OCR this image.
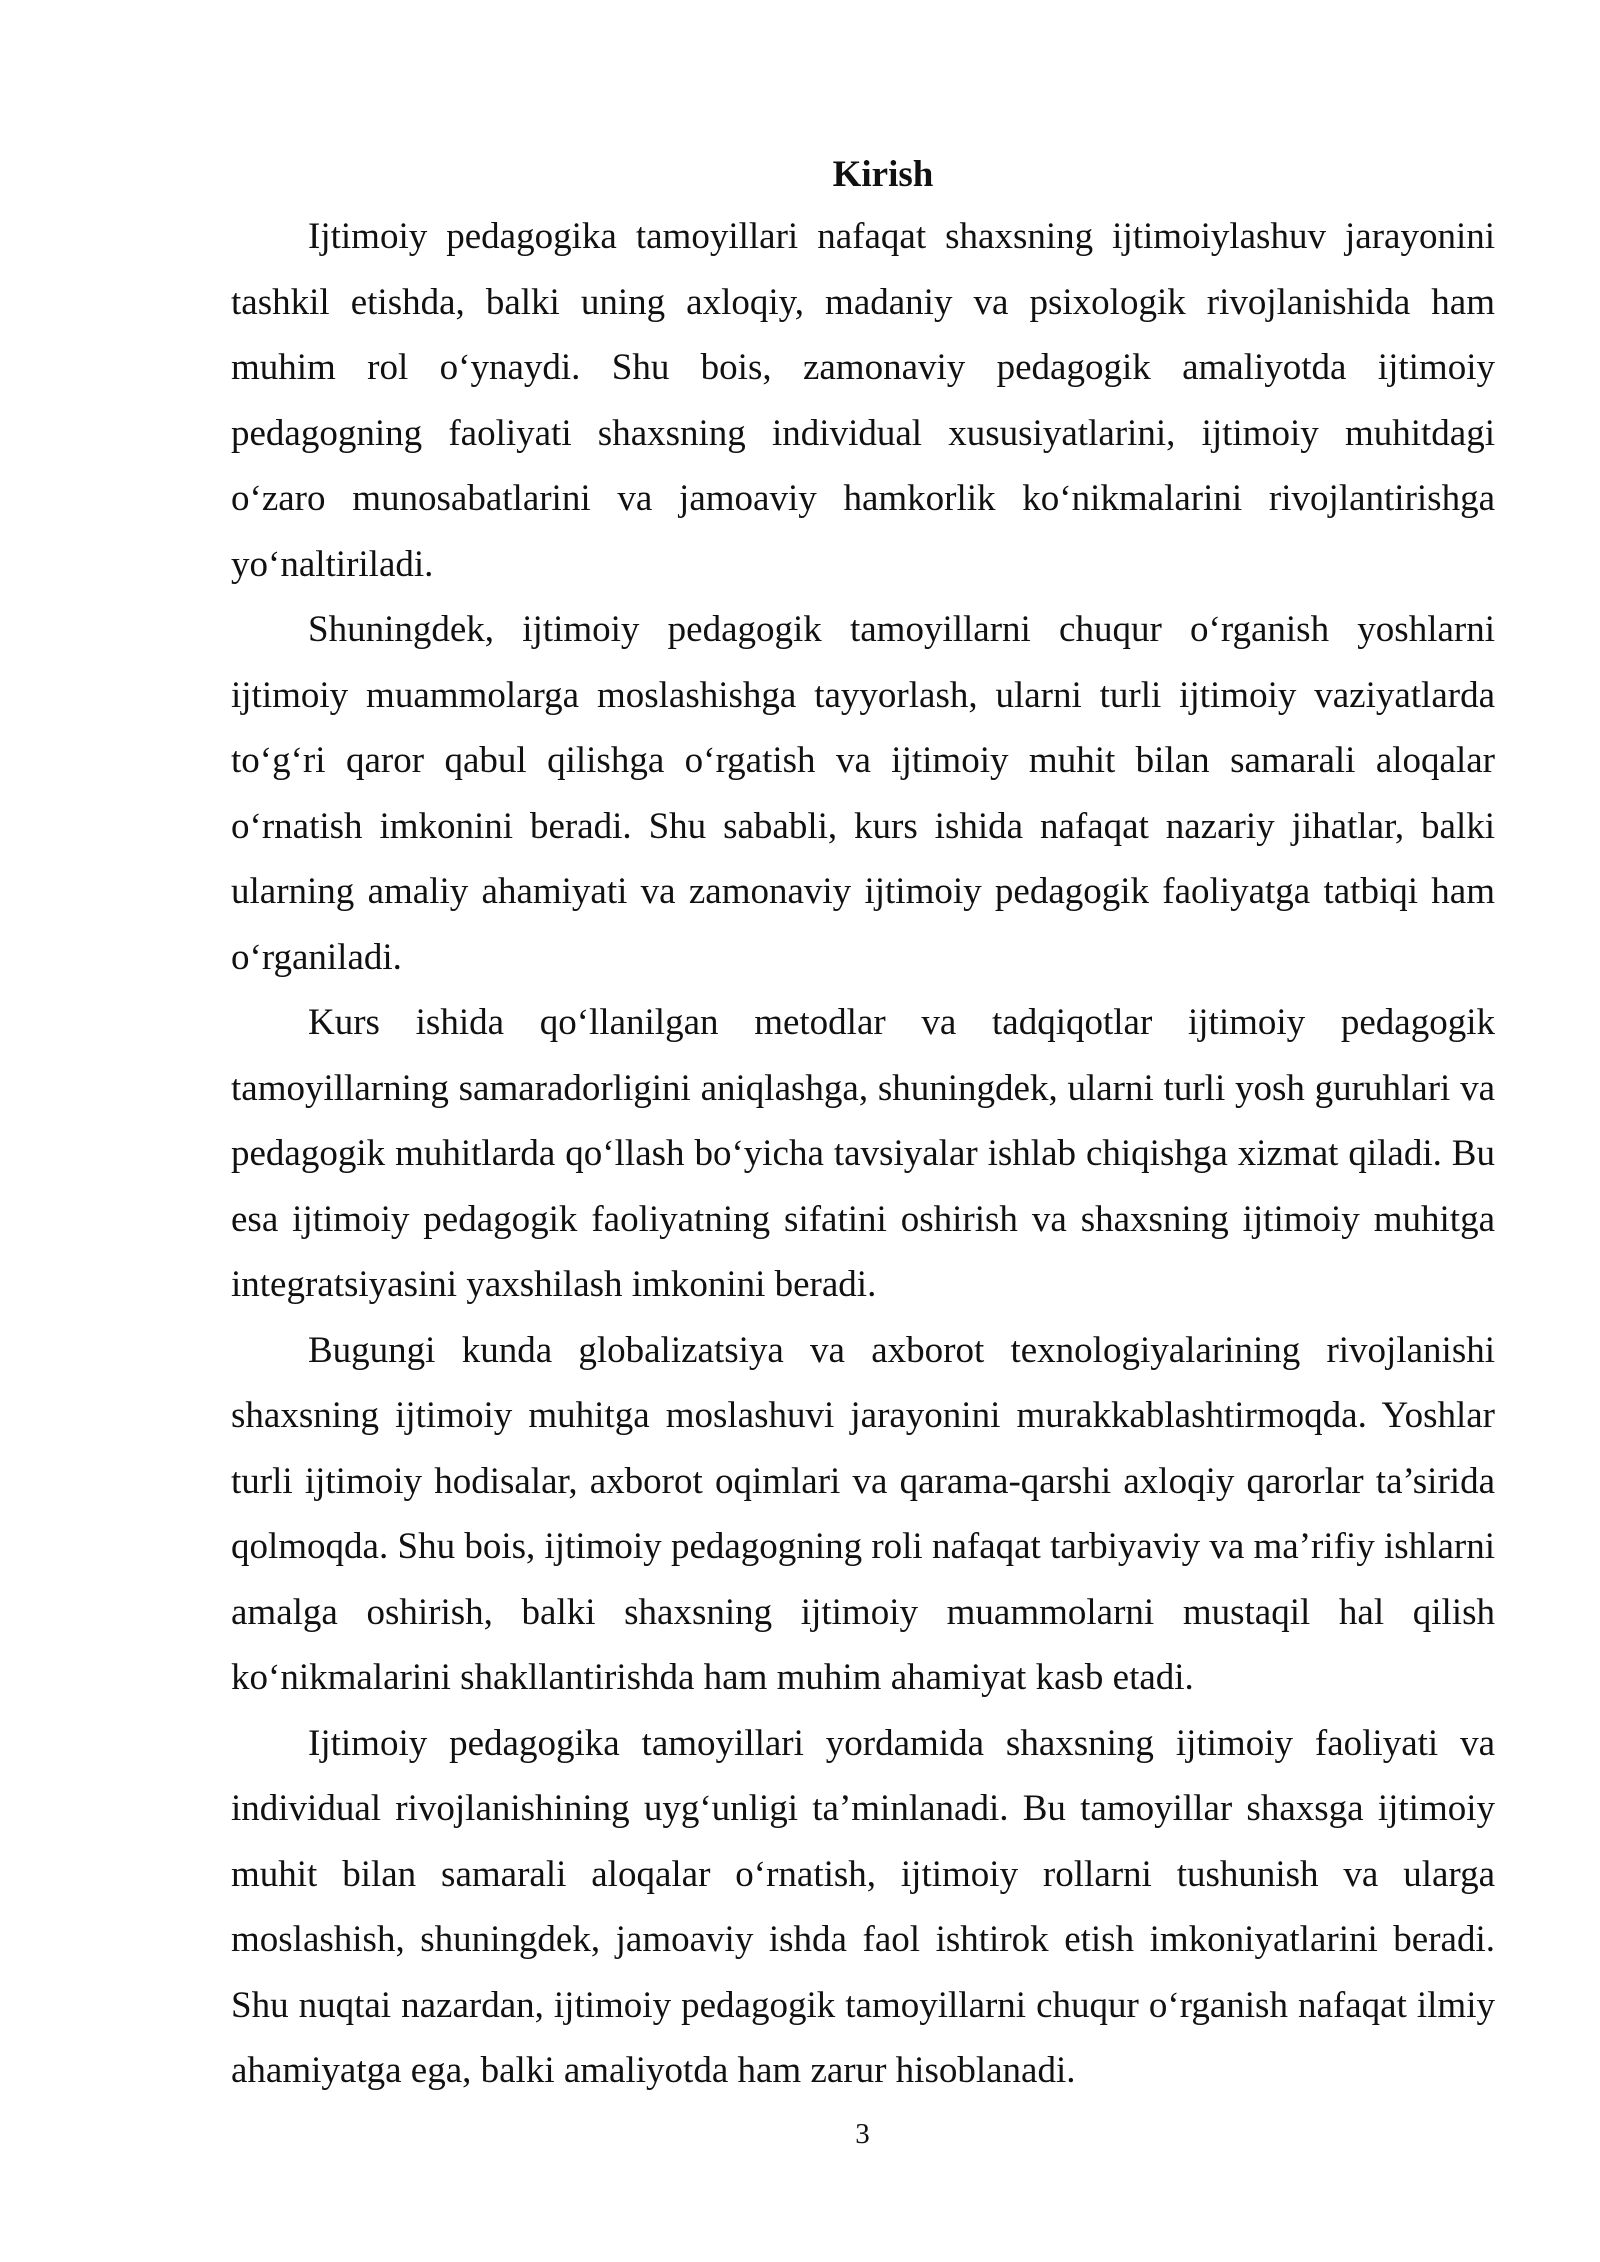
Kirish

Ijtimoiy pedagogika tamoyillari nafaqat shaxsning ijtimoiylashuv jarayonini tashkil etishda, balki uning axloqiy, madaniy va psixologik rivojlanishida ham muhim rol o‘ynaydi. Shu bois, zamonaviy pedagogik amaliyotda ijtimoiy pedagogning faoliyati shaxsning individual xususiyatlarini, ijtimoiy muhitdagi o‘zaro munosabatlarini va jamoaviy hamkorlik ko‘nikmalarini rivojlantirishga yo‘naltiriladi.

Shuningdek, ijtimoiy pedagogik tamoyillarni chuqur o‘rganish yoshlarni ijtimoiy muammolarga moslashishga tayyorlash, ularni turli ijtimoiy vaziyatlarda to‘g‘ri qaror qabul qilishga o‘rgatish va ijtimoiy muhit bilan samarali aloqalar o‘rnatish imkonini beradi. Shu sababli, kurs ishida nafaqat nazariy jihatlar, balki ularning amaliy ahamiyati va zamonaviy ijtimoiy pedagogik faoliyatga tatbiqi ham o‘rganiladi.

Kurs ishida qo‘llanilgan metodlar va tadqiqotlar ijtimoiy pedagogik tamoyillarning samaradorligini aniqlashga, shuningdek, ularni turli yosh guruhlari va pedagogik muhitlarda qo‘llash bo‘yicha tavsiyalar ishlab chiqishga xizmat qiladi. Bu esa ijtimoiy pedagogik faoliyatning sifatini oshirish va shaxsning ijtimoiy muhitga integratsiyasini yaxshilash imkonini beradi.

Bugungi kunda globalizatsiya va axborot texnologiyalarining rivojlanishi shaxsning ijtimoiy muhitga moslashuvi jarayonini murakkablashtirmoqda. Yoshlar turli ijtimoiy hodisalar, axborot oqimlari va qarama-qarshi axloqiy qarorlar ta’sirida qolmoqda. Shu bois, ijtimoiy pedagogning roli nafaqat tarbiyaviy va ma’rifiy ishlarni amalga oshirish, balki shaxsning ijtimoiy muammolarni mustaqil hal qilish ko‘nikmalarini shakllantirishda ham muhim ahamiyat kasb etadi.

Ijtimoiy pedagogika tamoyillari yordamida shaxsning ijtimoiy faoliyati va individual rivojlanishining uyg‘unligi ta’minlanadi. Bu tamoyillar shaxsga ijtimoiy muhit bilan samarali aloqalar o‘rnatish, ijtimoiy rollarni tushunish va ularga moslashish, shuningdek, jamoaviy ishda faol ishtirok etish imkoniyatlarini beradi. Shu nuqtai nazardan, ijtimoiy pedagogik tamoyillarni chuqur o‘rganish nafaqat ilmiy ahamiyatga ega, balki amaliyotda ham zarur hisoblanadi.

3
